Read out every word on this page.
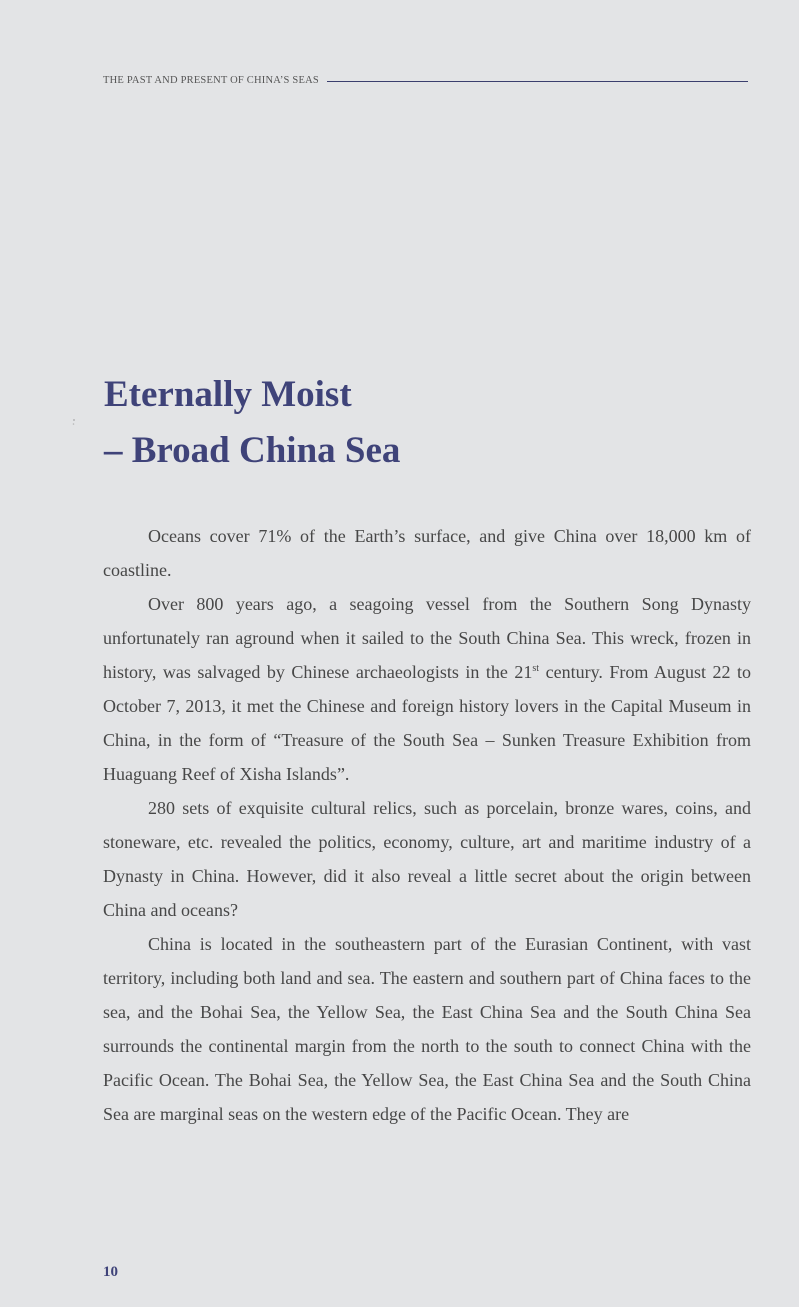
THE PAST AND PRESENT OF CHINA’S SEAS
Eternally Moist
– Broad China Sea

Oceans cover 71% of the Earth’s surface, and give China over 18,000 km of coastline.

Over 800 years ago, a seagoing vessel from the Southern Song Dynasty unfortunately ran aground when it sailed to the South China Sea. This wreck, frozen in history, was salvaged by Chinese archaeologists in the 21st century. From August 22 to October 7, 2013, it met the Chinese and foreign history lovers in the Capital Museum in China, in the form of “Treasure of the South Sea – Sunken Treasure Exhibition from Huaguang Reef of Xisha Islands”.

280 sets of exquisite cultural relics, such as porcelain, bronze wares, coins, and stoneware, etc. revealed the politics, economy, culture, art and maritime industry of a Dynasty in China. However, did it also reveal a little secret about the origin between China and oceans?

China is located in the southeastern part of the Eurasian Continent, with vast territory, including both land and sea. The eastern and southern part of China faces to the sea, and the Bohai Sea, the Yellow Sea, the East China Sea and the South China Sea surrounds the continental margin from the north to the south to connect China with the Pacific Ocean. The Bohai Sea, the Yellow Sea, the East China Sea and the South China Sea are marginal seas on the western edge of the Pacific Ocean. They are

10
